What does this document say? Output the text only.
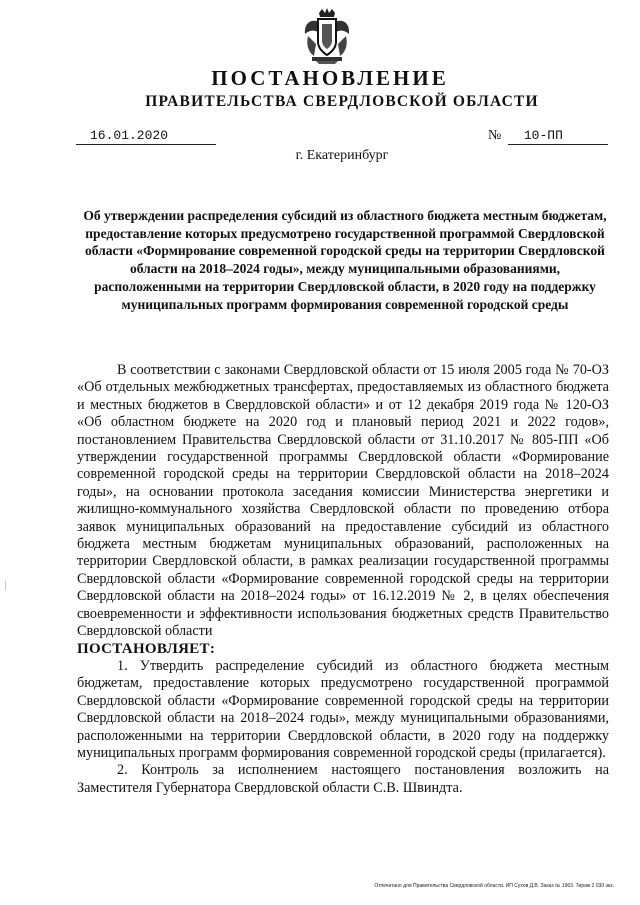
ПОСТАНОВЛЕНИЕ
ПРАВИТЕЛЬСТВА СВЕРДЛОВСКОЙ ОБЛАСТИ
16.01.2020	№ 10-ПП
г. Екатеринбург
Об утверждении распределения субсидий из областного бюджета местным бюджетам, предоставление которых предусмотрено государственной программой Свердловской области «Формирование современной городской среды на территории Свердловской области на 2018–2024 годы», между муниципальными образованиями, расположенными на территории Свердловской области, в 2020 году на поддержку муниципальных программ формирования современной городской среды

В соответствии с законами Свердловской области от 15 июля 2005 года № 70-ОЗ «Об отдельных межбюджетных трансфертах, предоставляемых из областного бюджета и местных бюджетов в Свердловской области» и от 12 декабря 2019 года № 120-ОЗ «Об областном бюджете на 2020 год и плановый период 2021 и 2022 годов», постановлением Правительства Свердловской области от 31.10.2017 № 805-ПП «Об утверждении государственной программы Свердловской области «Формирование современной городской среды на территории Свердловской области на 2018–2024 годы», на основании протокола заседания комиссии Министерства энергетики и жилищно-коммунального хозяйства Свердловской области по проведению отбора заявок муниципальных образований на предоставление субсидий из областного бюджета местным бюджетам муниципальных образований, расположенных на территории Свердловской области, в рамках реализации государственной программы Свердловской области «Формирование современной городской среды на территории Свердловской области на 2018–2024 годы» от 16.12.2019 № 2, в целях обеспечения своевременности и эффективности использования бюджетных средств Правительство Свердловской области

ПОСТАНОВЛЯЕТ:

1. Утвердить распределение субсидий из областного бюджета местным бюджетам, предоставление которых предусмотрено государственной программой Свердловской области «Формирование современной городской среды на территории Свердловской области на 2018–2024 годы», между муниципальными образованиями, расположенными на территории Свердловской области, в 2020 году на поддержку муниципальных программ формирования современной городской среды (прилагается).

2. Контроль за исполнением настоящего постановления возложить на Заместителя Губернатора Свердловской области С.В. Швиндта.

Отпечатано для Правительства Свердловской области. ИП Сухов Д.В. Заказ № 1963. Тираж 2 030 экз.
